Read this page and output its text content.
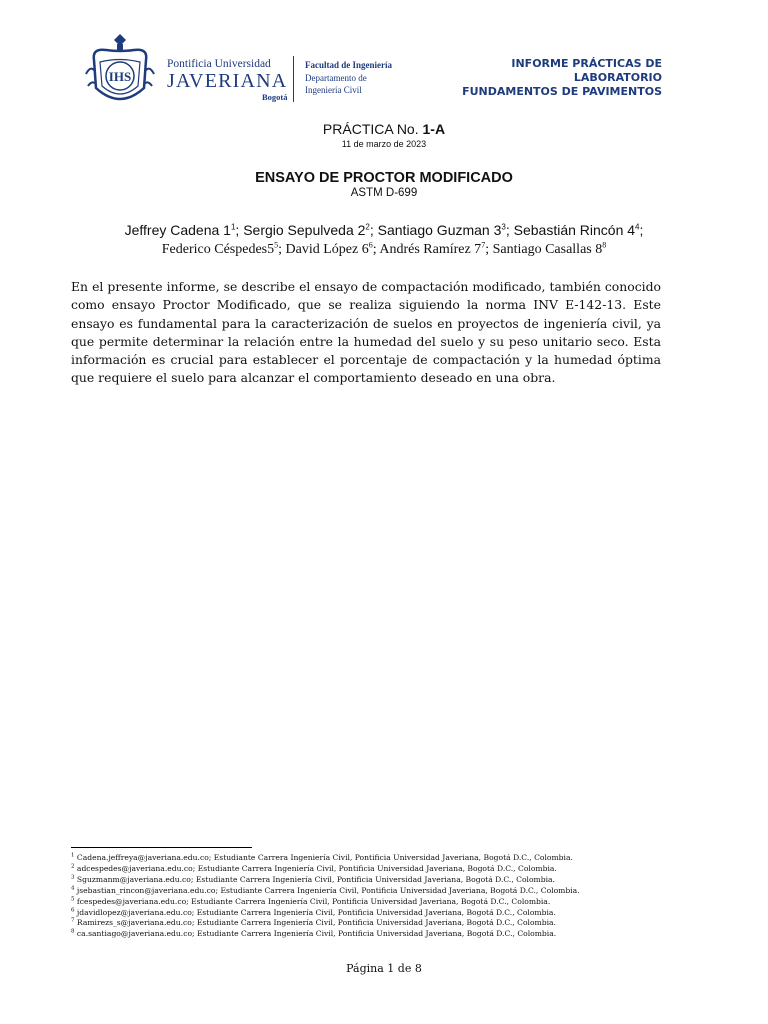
IHS
Pontificia Universidad
JAVERIANA
Bogotá
Facultad de Ingeniería
Departamento de
Ingeniería Civil
INFORME PRÁCTICAS DE LABORATORIO
FUNDAMENTOS DE PAVIMENTOS
PRÁCTICA No. 1-A
11 de marzo de 2023
ENSAYO DE PROCTOR MODIFICADO
ASTM D-699
Jeffrey Cadena $1^1$; Sergio Sepulveda $2^2$; Santiago Guzman $3^3$; Sebastián Rincón $4^4$;
Federico $Céspedes5^5$; David López $6^6$; Andrés Ramírez $7^7$; Santiago Casallas $8^8$
En el presente informe, se describe el ensayo de compactación modificado, también conocido como ensayo Proctor Modificado, que se realiza siguiendo la norma INV E-142-13. Este ensayo es fundamental para la caracterización de suelos en proyectos de ingeniería civil, ya que permite determinar la relación entre la humedad del suelo y su peso unitario seco. Esta información es crucial para establecer el porcentaje de compactación y la humedad óptima que requiere el suelo para alcanzar el comportamiento deseado en una obra.
$^1$ Cadena.jeffreya@javeriana.edu.co; Estudiante Carrera Ingeniería Civil, Pontificia Universidad Javeriana, Bogotá D.C., Colombia.
$^2$ adcespedes@javeriana.edu.co; Estudiante Carrera Ingeniería Civil, Pontificia Universidad Javeriana, Bogotá D.C., Colombia.
$^3$ Sguzmanm@javeriana.edu.co; Estudiante Carrera Ingeniería Civil, Pontificia Universidad Javeriana, Bogotá D.C., Colombia.
$^4$ jsebastian_rincon@javeriana.edu.co; Estudiante Carrera Ingeniería Civil, Pontificia Universidad Javeriana, Bogotá D.C., Colombia.
$^5$ fcespedes@javeriana.edu.co; Estudiante Carrera Ingeniería Civil, Pontificia Universidad Javeriana, Bogotá D.C., Colombia.
$^6$ jdavidlopez@javeriana.edu.co; Estudiante Carrera Ingeniería Civil, Pontificia Universidad Javeriana, Bogotá D.C., Colombia.
$^7$ Ramirezs_s@javeriana.edu.co; Estudiante Carrera Ingeniería Civil, Pontificia Universidad Javeriana, Bogotá D.C., Colombia.
$^8$ ca.santiago@javeriana.edu.co; Estudiante Carrera Ingeniería Civil, Pontificia Universidad Javeriana, Bogotá D.C., Colombia.
Página 1 de 8
